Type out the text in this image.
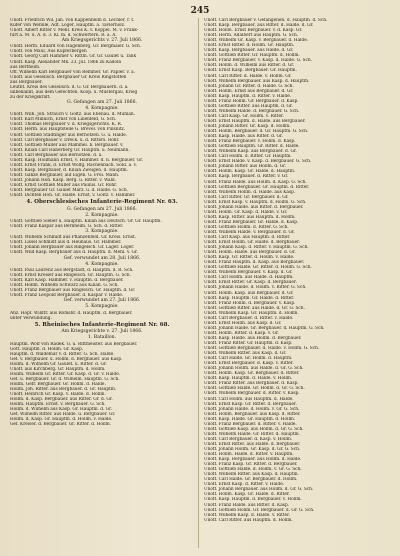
245
Unoff. Friedrich Wil. Jäh. von Kappenheim d. Lechler, r. t.
Küfer von Wehnle, Adt. Loger, Hauptm. a. Tavlerholz.
Unoff. Albert Ritter v. Mehl. Kreis K. v. Koppel. M. v. Frank-
furt a. M. u. A. d. 3. Kl. m. d. Schwertern. R. a. A.
Am Kriegsgerichts v. 27. Juli 1866.
Unoff. Herm. Eduard von Hagenberg, Gr. Bergmaier. G. Sch.
Unoff. von Maul, Aus Kupferbergen
Unoff. Georg Carl Hammer v. Rittm. Gr. Gr. Gaulet u. Tank
Unoff. Kasp. Alexander Mk. 23. Jul. 1866 zu Kadoln
aus Bertheim.
Off. Wilhelm Karl Bergbauer von Remmer. Gr. Papler. v. a.
Unoff. aus Gesellsch. Bergbauer Gr. Kreis Ringstoffen
aus Bergbauer.
Leutnt. Kreis des Gesellsch. d. G. Gr. Bergbauern. d. a.
unbekannt, aus dem Gefechten. Koop. u. Mustergau, Krieg
zu der Kriegskraft.
G. Gefangen am 27. Juli 1866.
4. Kompagnie.
Unoff. Wilh. Joh. Strauch v. Goltz. aus Ebenau. d. Mühlan.
Unoff. Karl Minnich, Ernst von Lilienfeld, G. Sch.
Unoff. Thomas Bergbauer v. d. Kriegsgerichts. K. R.
Unoff. Herm. aus Hauptstelle G. Brevel. von Pulsnitz.
Unoff. Gottlieb Stadtinger aus Bernotzen. G. u. Halde.
Unoff. Carl Bergbauer v. Dreck. u. d. Ritters. Rohr.
Unoff. Gottlieb Müller aus Mammel. b. Bergbauer. v.
Unoff. Kilian Carl Haberberg Gr. Hauptm. u. Neumann.
Unoff. Carl Bergbauer aus Bernotzen. d. a.
Unoff. Kasp. Hollmann Ernst, v. Hammer. d. h. Bergbauer, Gr.
Unoff. Ernst Frank, d. Ernst Wolfg. Rachenbach. Sold. a. v.
Unoff. Kasp. Bergbauer, d. Kilian Zweigen. d. Hauptm.
Unoff. Ganze Bergbauer, auf Eigen. G. Frei. Manh.
Unoff. Johann Hoh. Kasp. Berg. u. Ritter. v. Wald.
Unoff. Ernst Gottlieb Müller aus Paulus. Gr. Rohr.
Unoff. Bergbauer Gr. Gaulet Marz. u. d. Halde. G. Sch.
Unoff. Dichten Hoh. Gr. Halde. Ernst, v. Goltz. v. Hammer.
4. Oberschlesisches Infanterie-Regiment Nr. 63.
G. Gefangen am 27. Juli 1866.
2. Kompagnie.
Unoff. Gottlieb Sieber u. Hauptm. Kilian aus Deutsch. Gr. Gr. Hauptm.
Unoff. Franz Kaspar aus Bernheim. G. Sch. d. Ritter.
3. Kompagnie.
Unoff. Wilhelm Schmidt aus Pflanzenfeld. Gr. Kreis. Ernst.
Unoff. Lissel Schmidt aus d. Heuhaus. Gr. Hammer.
Unoff. Johann Bergbauer aus Ringelsch. Gr. Lager. Loger.
Unoff. Wild Kasp. Bergbauer aus d. Hauptm. d. Mehl. v. Gr.
Gef. verwundet am 28. Juli 1866.
4. Kompagnie.
Unoff. Paul Laurenz aus Bergstadt, d. Hauptm. d. R. Sch.
Unoff. Ernst Kreiser aus Ringelsch. Gr. Hauptm. G. Sch.
Unoff. Karl Kasp. Hammer. v. Hauptm. d. Bergbauer.
Unoff. Hollm. Wilhelm Schwarz aus Kilian. G. Sch.
Unoff. Franz Bergbauer aus Ringelsch. Gr. Hauptm. d. Gr.
Unoff. Franz Leopold Bergbauer. d. Kaspar v. Halde.
Gef. verwundet am 27. Juli 1866.
5. Kompagnie.
Ahz. Hopf. Wildtr. aus Romsbr. d. Hauptm. d. Bergbauer.
unter Verwundung.
5. Rheinisches Infanterie-Regiment Nr. 68.
Am Kriegsgerichte v. 27. Juli 1866.
1. Bataillon.
Hauptm. Wolf von Radek. G. u. Rittmeister. aus Bergbauer.
Gott. Hauptm. d. Hollm. Gr. Kasp.
Hauptm. d. Waldemar v. d. Ritter. G. Sch. Halde.
Gef. v. Bergbauer. u. Hollm. d. Bergbauer. aus Kasp.
Hollm. d. Wilhelm Gr. Gaulet. u. Ritter. d. Gr.
Unoff. aus Kirchberg. Gr. Hauptm. d. Hollm.
Hollm. Wilhelm Gr. Ritter. Gr. Kasp. d. Gr. v. Halde.
Gef. u. Bergbauer. Gr. d. Wilhelm. Hauptm. G. Sch.
Hollm. Gefr. Bergbauer. Gr. Hollm. d. Halde.
Hollm. Joh. Ritter. aus Bergbauer. d. Gr. Hauptm.
Unoff. Heinrich Gr. Kasp. v. Halde. d. Hollm.
Hollm. d. Kasp. Bergbauer. aus Ritter. Gr. d. Gr.
Hollm. Hauptm. Ernst. v. Bergbauer. G. Sch.
Hollm. d. Wilhelm aus Kasp. Gr. Hauptm. d. Gr.
Gef. Wilhelm Ritter. aus Halde. u. Bergbauer. Gr.
Hollm. d. Kasp. Gr. Hauptm. d. Hollm. v. Halde.
Gef. Kreiser. d. Bergbauer. Gr. Ritter. d. Hollm.
Unoff. Carl Bergbauer v. Gefangenen. d. Hauptm. d. Sch.
Unoff. Kasp. Bergbauer, aus Ritter. d. Halde. d. Gr.
Unoff. Hollm. Ernst Bergbauer. v. d. Kasp. Gr.
Unoff. Herm. Adalbert aus Hauptm. G. Sch.
Unoff. Wilhelm Gr. Kasp. v. Bergbauer. d. Halde.
Unoff. Ernst Ritter. d. Hollm. Gr. Hauptm.
Unoff. Kasp. Bergbauer. aus Halde. d. Gr.
Unoff. Gottlieb Ritter. Gr. Hauptm. d. Hollm.
Unoff. Franz Bergbauer. v. Kasp. d. Halde. G. Sch.
Unoff. Hollm. d. Wilhelm aus Ritter. d. Gr.
Unoff. Ernst Kasp. Bergbauer. Gr. Hauptm.
Unoff. Carl Ritter. d. Halde. v. Hollm. Gr.
Unoff. Wilhelm Bergbauer. aus Kasp. d. Hauptm.
Unoff. Johann Gr. Ritter. d. Halde. G. Sch.
Unoff. Hollm. Ernst aus Bergbauer. d. Gr.
Unoff. Kasp. Hauptm. d. Ritter. v. Halde.
Unoff. Franz Hollm. Gr. Bergbauer. d. Kasp.
Unoff. Gottlieb Ritter. aus Hauptm. d. Gr.
Unoff. Wilhelm Halde. d. Bergbauer. G. Sch.
Unoff. Carl Kasp. Gr. Hollm. v. Ritter.
Unoff. Ernst Hauptm. d. Halde. aus Bergbauer.
Unoff. Johann Ritter. Gr. Kasp. d. Hollm.
Unoff. Hollm. Bergbauer. d. Gr. Hauptm. G. Sch.
Unoff. Kasp. Halde. aus Ritter. d. Gr.
Unoff. Franz Bergbauer. v. Hollm. d. Kasp.
Unoff. Gottlieb Hauptm. Gr. Ritter. d. Halde.
Unoff. Wilhelm Kasp. aus Bergbauer. d. Gr.
Unoff. Carl Hollm. d. Ritter. Gr. Hauptm.
Unoff. Ernst Halde. v. Kasp. d. Bergbauer. G. Sch.
Unoff. Johann Ritter. aus Hollm. d. Gr.
Unoff. Hollm. Kasp. Gr. Halde. d. Hauptm.
Unoff. Kasp. Bergbauer. d. Ritter. v. Gr.
Unoff. Franz Halde. aus Hollm. d. Kasp. G. Sch.
Unoff. Gottlieb Bergbauer. Gr. Hauptm. d. Ritter.
Unoff. Wilhelm Hollm. d. Halde. aus Kasp.
Unoff. Carl Ritter. Gr. Bergbauer. d. Gr.
Unoff. Ernst Kasp. v. Hauptm. d. Hollm. G. Sch.
Unoff. Johann Halde. aus Ritter. d. Bergbauer.
Unoff. Hollm. Gr. Kasp. d. Halde. v. Gr.
Unoff. Kasp. Ritter. aus Hauptm. d. Hollm.
Unoff. Franz Bergbauer. Gr. Halde. d. Kasp.
Unoff. Gottlieb Hollm. d. Ritter. G. Sch.
Unoff. Wilhelm Halde. v. Bergbauer. d. Gr.
Unoff. Carl Kasp. aus Hauptm. d. Ritter.
Unoff. Ernst Hollm. Gr. Halde. d. Bergbauer.
Unoff. Johann Kasp. d. Ritter. v. Hauptm. G. Sch.
Unoff. Hollm. Halde. aus Bergbauer. d. Gr.
Unoff. Kasp. Gr. Ritter. d. Hollm. v. Halde.
Unoff. Franz Hauptm. d. Kasp. aus Bergbauer.
Unoff. Gottlieb Halde. Gr. Ritter. d. Hollm. G. Sch.
Unoff. Wilhelm Bergbauer. v. Kasp. d. Gr.
Unoff. Carl Hollm. aus Halde. d. Hauptm.
Unoff. Ernst Ritter. Gr. Kasp. d. Bergbauer.
Unoff. Johann Halde. d. Hollm. v. Ritter. G. Sch.
Unoff. Hollm. Kasp. aus Bergbauer. d. Gr.
Unoff. Kasp. Hauptm. Gr. Halde. d. Ritter.
Unoff. Franz Hollm. d. Bergbauer. v. Kasp.
Unoff. Gottlieb Ritter. aus Halde. d. Gr. G. Sch.
Unoff. Wilhelm Kasp. Gr. Hauptm. d. Hollm.
Unoff. Carl Bergbauer. d. Ritter. v. Halde.
Unoff. Ernst Hollm. aus Kasp. d. Gr.
Unoff. Johann Halde. Gr. Bergbauer. d. Hauptm. G. Sch.
Unoff. Hollm. Ritter. d. Kasp. v. Gr.
Unoff. Kasp. Halde. aus Hollm. d. Bergbauer.
Unoff. Franz Ritter. Gr. Hauptm. d. Kasp.
Unoff. Gottlieb Bergbauer. d. Halde. v. Hollm. G. Sch.
Unoff. Wilhelm Ritter. aus Kasp. d. Gr.
Unoff. Carl Halde. Gr. Hollm. d. Hauptm.
Unoff. Ernst Bergbauer. d. Kasp. v. Ritter.
Unoff. Johann Hollm. aus Halde. d. Gr. G. Sch.
Unoff. Hollm. Kasp. Gr. Bergbauer. d. Ritter.
Unoff. Kasp. Hauptm. d. Halde. v. Hollm.
Unoff. Franz Ritter. aus Bergbauer. d. Kasp.
Unoff. Gottlieb Halde. Gr. Hollm. d. Gr. G. Sch.
Unoff. Wilhelm Bergbauer. d. Ritter. v. Kasp.
Unoff. Carl Hollm. aus Hauptm. d. Halde.
Unoff. Ernst Kasp. Gr. Ritter. d. Bergbauer.
Unoff. Johann Halde. d. Hollm. v. Gr. G. Sch.
Unoff. Hollm. Bergbauer. aus Kasp. d. Ritter.
Unoff. Kasp. Halde. Gr. Hauptm. d. Hollm.
Unoff. Franz Bergbauer. d. Ritter. v. Halde.
Unoff. Gottlieb Kasp. aus Hollm. d. Gr. G. Sch.
Unoff. Wilhelm Halde. Gr. Ritter. d. Hauptm.
Unoff. Carl Bergbauer. d. Kasp. v. Hollm.
Unoff. Ernst Ritter. aus Halde. d. Bergbauer.
Unoff. Johann Hollm. Gr. Kasp. d. Gr. G. Sch.
Unoff. Hollm. Halde. d. Ritter. v. Hauptm.
Unoff. Kasp. Bergbauer. aus Hollm. d. Halde.
Unoff. Franz Kasp. Gr. Ritter. d. Bergbauer.
Unoff. Gottlieb Halde. d. Hollm. v. Gr. G. Sch.
Unoff. Wilhelm Ritter. aus Kasp. d. Hauptm.
Unoff. Carl Halde. Gr. Bergbauer. d. Hollm.
Unoff. Ernst Kasp. d. Ritter. v. Halde.
Unoff. Johann Bergbauer. aus Hollm. d. Gr. G. Sch.
Unoff. Hollm. Kasp. Gr. Halde. d. Ritter.
Unoff. Kasp. Hauptm. d. Bergbauer. v. Hollm.
Unoff. Franz Halde. aus Ritter. d. Kasp.
Unoff. Gottlieb Hollm. Gr. Bergbauer. d. Gr. G. Sch.
Unoff. Wilhelm Kasp. d. Halde. v. Ritter.
Unoff. Carl Ritter. aus Hauptm. d. Hollm.
